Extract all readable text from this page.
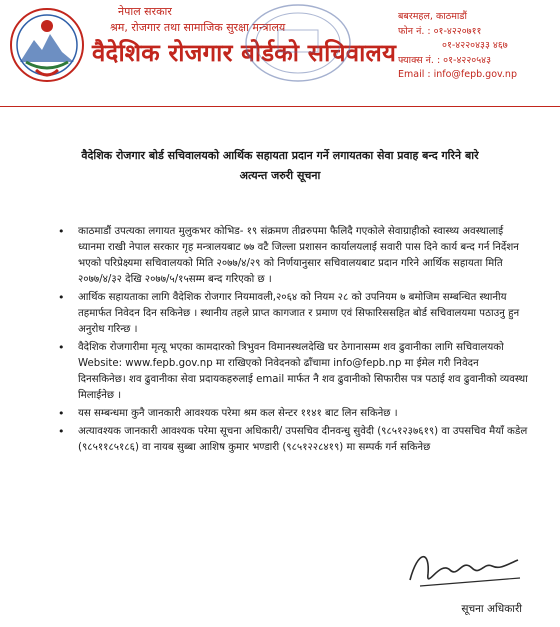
नेपाल सरकार
श्रम, रोजगार तथा सामाजिक सुरक्षा मन्त्रालय
वैदेशिक रोजगार बोर्डको सचिवालय
बबरमहल, काठमाडौं
फोन नं. : ०१-४२२०७११
०१-४२२०४३३ ४६७
फ्याक्स नं. : ०१-४२२०५४३
Email : info@fepb.gov.np
वैदेशिक रोजगार बोर्ड सचिवालयको आर्थिक सहायता प्रदान गर्ने लगायतका सेवा प्रवाह बन्द गरिने बारे
अत्यन्त जरुरी सूचना
• काठमाडौं उपत्यका लगायत मुलुकभर कोभिड- १९ संक्रमण तीव्ररुपमा फैलिदै गएकोले सेवाग्राहीको स्वास्थ्य अवस्थालाई ध्यानमा राखी नेपाल सरकार गृह मन्त्रालयबाट ७७ वटै जिल्ला प्रशासन कार्यालयलाई सवारी पास दिने कार्य बन्द गर्न निर्देशन भएको परिप्रेक्ष्यमा सचिवालयको मिति २०७७/४/२९ को निर्णयानुसार सचिवालयबाट प्रदान गरिने आर्थिक सहायता मिति २०७७/४/३२ देखि २०७७/५/१५सम्म बन्द गरिएको छ ।
• आर्थिक सहायताका लागि वैदेशिक रोजगार नियमावली,२०६४ को नियम २८ को उपनियम ७ बमोजिम सम्बन्धित स्थानीय तहमार्फत निवेदन दिन सकिनेछ । स्थानीय तहले प्राप्त कागजात र प्रमाण एवं सिफारिससहित बोर्ड सचिवालयमा पठाउनु हुन अनुरोध गरिन्छ ।
• वैदेशिक रोजगारीमा मृत्यू भएका कामदारको त्रिभुवन विमानस्थलदेखि घर ठेगानासम्म शव ढुवानीका लागि सचिवालयको Website: www.fepb.gov.np मा राखिएको निवेदनको ढाँचामा info@fepb.np मा ईमेल गरी निवेदन दिनसकिनेछ। शव ढुवानीका सेवा प्रदायकहरुलाई email मार्फत नै शव ढुवानीको सिफारीस पत्र पठाई शव ढुवानीको व्यवस्था मिलाईनेछ ।
• यस सम्बन्धमा कुनै जानकारी आवश्यक परेमा श्रम कल सेन्टर ११४१ बाट लिन सकिनेछ ।
• अत्यावश्यक जानकारी आवश्यक परेमा सूचना अधिकारी/ उपसचिव दीनवन्धु सुवेदी (९८५१२३७६१९) वा उपसचिव मैयाँ कडेल (९८५११८५१८६) वा नायब सुब्बा आशिष कुमार भण्डारी (९८५१२२८४१९) मा सम्पर्क गर्न सकिनेछ
सूचना अधिकारी
